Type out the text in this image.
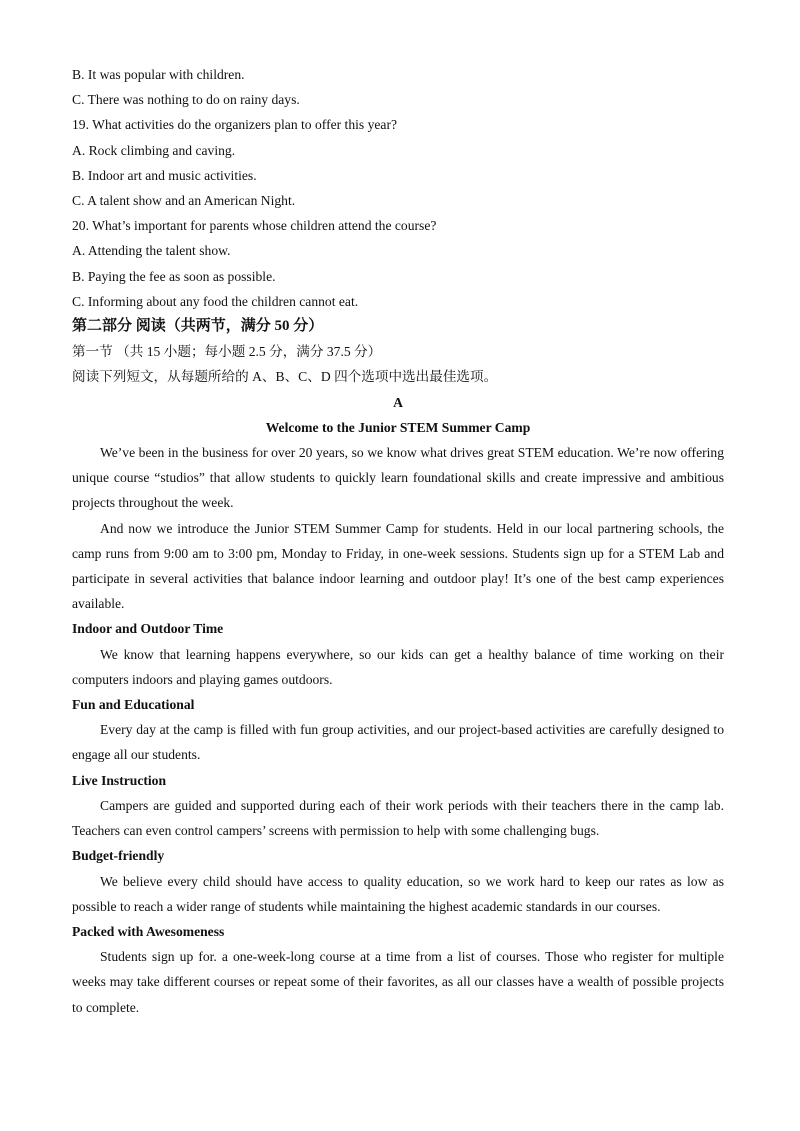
B. It was popular with children.

C. There was nothing to do on rainy days.

19. What activities do the organizers plan to offer this year?

A. Rock climbing and caving.

B. Indoor art and music activities.

C. A talent show and an American Night.

20. What’s important for parents whose children attend the course?

A. Attending the talent show.

B. Paying the fee as soon as possible.

C. Informing about any food the children cannot eat.

第二部分 阅读（共两节，满分 50 分）

第一节 （共 15 小题；每小题 2.5 分，满分 37.5 分）

阅读下列短文，从每题所给的 A、B、C、D 四个选项中选出最佳选项。

A

Welcome to the Junior STEM Summer Camp

We’ve been in the business for over 20 years, so we know what drives great STEM education. We’re now offering unique course “studios” that allow students to quickly learn foundational skills and create impressive and ambitious projects throughout the week.

And now we introduce the Junior STEM Summer Camp for students. Held in our local partnering schools, the camp runs from 9:00 am to 3:00 pm, Monday to Friday, in one-week sessions. Students sign up for a STEM Lab and participate in several activities that balance indoor learning and outdoor play! It’s one of the best camp experiences available.

Indoor and Outdoor Time

We know that learning happens everywhere, so our kids can get a healthy balance of time working on their computers indoors and playing games outdoors.

Fun and Educational

Every day at the camp is filled with fun group activities, and our project-based activities are carefully designed to engage all our students.

Live Instruction

Campers are guided and supported during each of their work periods with their teachers there in the camp lab. Teachers can even control campers’ screens with permission to help with some challenging bugs.

Budget-friendly

We believe every child should have access to quality education, so we work hard to keep our rates as low as possible to reach a wider range of students while maintaining the highest academic standards in our courses.

Packed with Awesomeness

Students sign up for. a one-week-long course at a time from a list of courses. Those who register for multiple weeks may take different courses or repeat some of their favorites, as all our classes have a wealth of possible projects to complete.
